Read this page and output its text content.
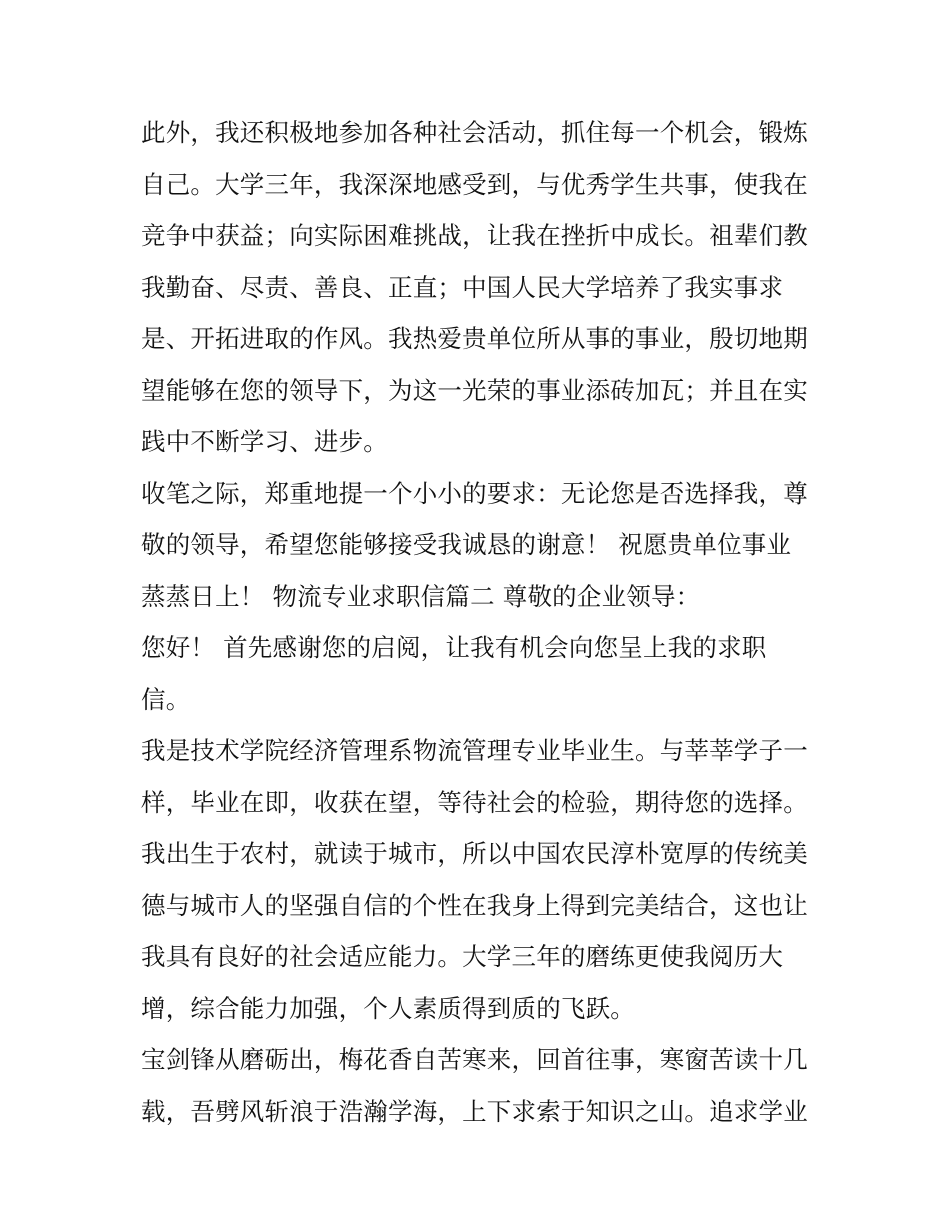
此外，我还积极地参加各种社会活动，抓住每一个机会，锻炼
自己。大学三年，我深深地感受到，与优秀学生共事，使我在
竞争中获益；向实际困难挑战，让我在挫折中成长。祖辈们教
我勤奋、尽责、善良、正直；中国人民大学培养了我实事求
是、开拓进取的作风。我热爱贵单位所从事的事业，殷切地期
望能够在您的领导下，为这一光荣的事业添砖加瓦；并且在实
践中不断学习、进步。
收笔之际，郑重地提一个小小的要求：无论您是否选择我，尊
敬的领导，希望您能够接受我诚恳的谢意！ 祝愿贵单位事业
蒸蒸日上！ 物流专业求职信篇二 尊敬的企业领导：
您好！ 首先感谢您的启阅，让我有机会向您呈上我的求职
信。
我是技术学院经济管理系物流管理专业毕业生。与莘莘学子一
样，毕业在即，收获在望，等待社会的检验，期待您的选择。
我出生于农村，就读于城市，所以中国农民淳朴宽厚的传统美
德与城市人的坚强自信的个性在我身上得到完美结合，这也让
我具有良好的社会适应能力。大学三年的磨练更使我阅历大
增，综合能力加强，个人素质得到质的飞跃。
宝剑锋从磨砺出，梅花香自苦寒来，回首往事，寒窗苦读十几
载，吾劈风斩浪于浩瀚学海，上下求索于知识之山。追求学业
